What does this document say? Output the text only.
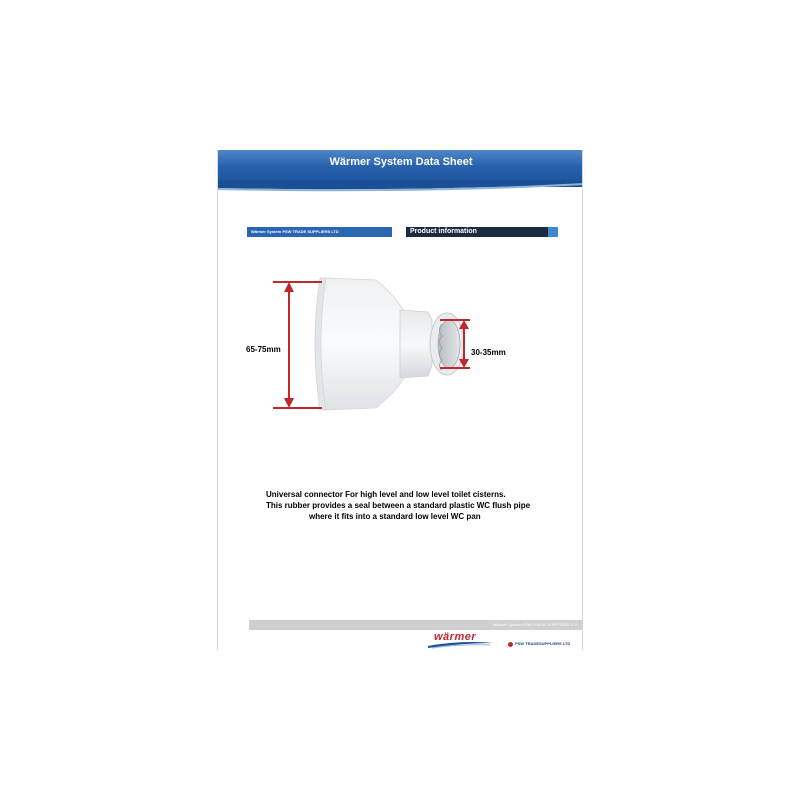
Wärmer System Data Sheet
Wärmer System PSW TRADE SUPPLIERS LTD	Product information
65-75mm	30-35mm
Universal connector For high level and low level toilet cisterns.
This rubber provides a seal between a standard plastic WC flush pipe
where it fits into a standard low level WC pan
Wärmer System PSW TRADE SUPPLIERS LTD
wärmer
PSW TRADESUPPLIERS LTD
